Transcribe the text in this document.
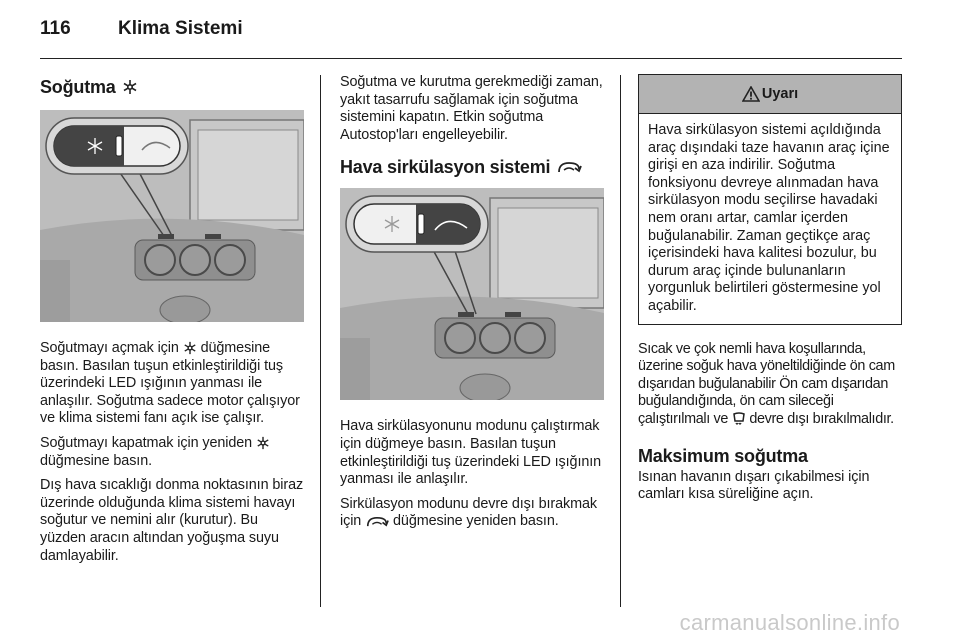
116	Klima Sistemi
Soğutma

Soğutmayı açmak için düğmesine basın. Basılan tuşun etkinleştirildiği tuş üzerindeki LED ışığının yanması ile anlaşılır. Soğutma sadece motor çalışıyor ve klima sistemi fanı açık ise çalışır.

Soğutmayı kapatmak için yeniden  düğmesine basın.

Dış hava sıcaklığı donma noktasının biraz üzerinde olduğunda klima sistemi havayı soğutur ve nemini alır (kurutur). Bu yüzden aracın altından yoğuşma suyu damlayabilir.

Soğutma ve kurutma gerekmediği zaman, yakıt tasarrufu sağlamak için soğutma sistemini kapatın. Etkin soğutma Autostop'ları engelleyebilir.

Hava sirkülasyon sistemi

Hava sirkülasyonunu modunu çalıştırmak için düğmeye basın. Basılan tuşun etkinleştirildiği tuş üzerindeki LED ışığının yanması ile anlaşılır.

Sirkülasyon modunu devre dışı bırakmak için düğmesine yeniden basın.

Uyarı
Hava sirkülasyon sistemi açıldığında araç dışındaki taze havanın araç içine girişi en aza indirilir. Soğutma fonksiyonu devreye alınmadan hava sirkülasyon modu seçilirse havadaki nem oranı artar, camlar içerden buğulanabilir. Zaman geçtikçe araç içerisindeki hava kalitesi bozulur, bu durum araç içinde bulunanların yorgunluk belirtileri göstermesine yol açabilir.

Sıcak ve çok nemli hava koşullarında, üzerine soğuk hava yöneltildiğinde ön cam dışarıdan buğulanabilir Ön cam dışarıdan buğulandığında, ön cam sileceği çalıştırılmalı ve devre dışı bırakılmalıdır.

Maksimum soğutma

Isınan havanın dışarı çıkabilmesi için camları kısa süreliğine açın.

carmanualsonline.info
